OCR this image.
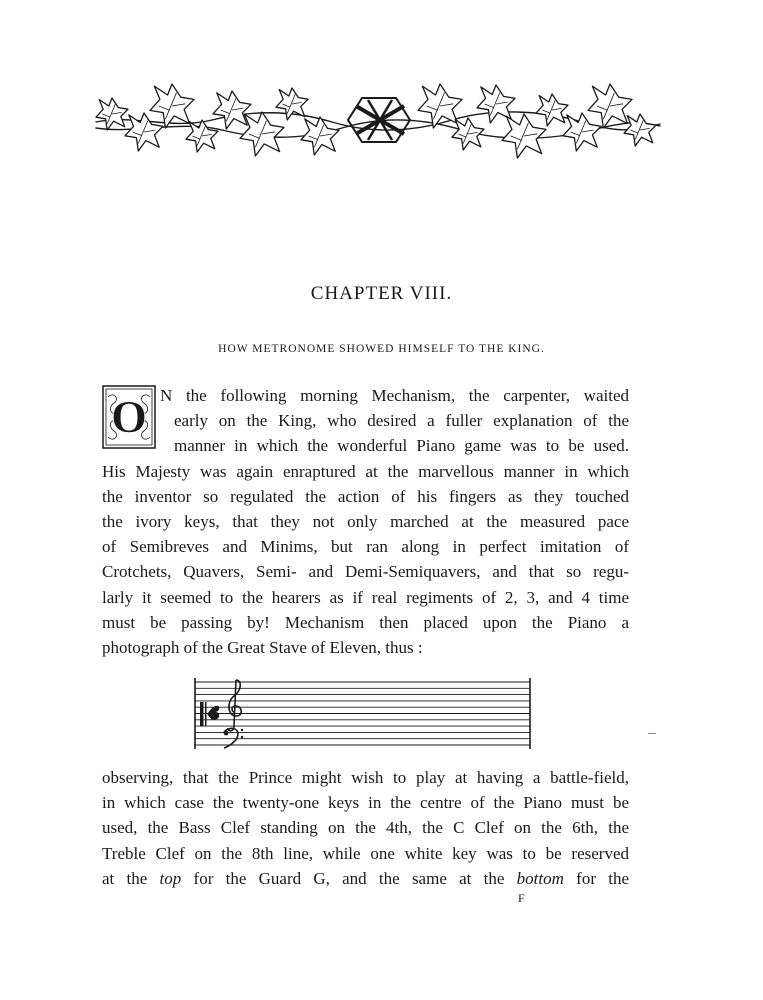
CHAPTER VIII.
HOW METRONOME SHOWED HIMSELF TO THE KING.
O N the following morning Mechanism, the carpenter, waited
early on the King, who desired a fuller explanation of the
manner in which the wonderful Piano game was to be used.
His Majesty was again enraptured at the marvellous manner in which
the inventor so regulated the action of his fingers as they touched
the ivory keys, that they not only marched at the measured pace
of Semibreves and Minims, but ran along in perfect imitation of
Crotchets, Quavers, Semi- and Demi-Semiquavers, and that so regu-
larly it seemed to the hearers as if real regiments of 2, 3, and 4 time
must be passing by! Mechanism then placed upon the Piano a
photograph of the Great Stave of Eleven, thus :
observing, that the Prince might wish to play at having a battle-field,
in which case the twenty-one keys in the centre of the Piano must be
used, the Bass Clef standing on the 4th, the C Clef on the 6th, the
Treble Clef on the 8th line, while one white key was to be reserved
at the top for the Guard G, and the same at the bottom for the
F
